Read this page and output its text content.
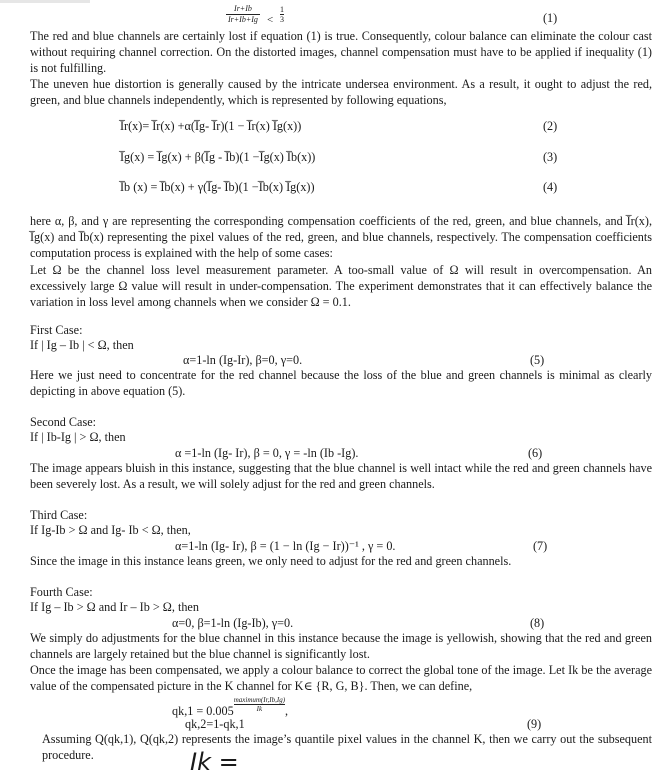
$\frac{Ir+Ib}{Ir+Ib+Ig} < \frac{1}{3}$	(1)
The red and blue channels are certainly lost if equation (1) is true. Consequently, colour balance can eliminate the colour cast without requiring channel correction. On the distorted images, channel compensation must have to be applied if inequality (1) is not fulfilling.
The uneven hue distortion is generally caused by the intricate undersea environment. As a result, it ought to adjust the red, green, and blue channels independently, which is represented by following equations,
I̅r(x)= I̅r(x) +α(I̅g- I̅r)(1 − I̅r(x) I̅g(x))	(2)
I̅g(x) = I̅g(x) + β(I̅g - I̅b)(1 −I̅g(x) I̅b(x))	(3)
I̅b (x) = I̅b(x) + γ(I̅g- I̅b)(1 −I̅b(x) I̅g(x))	(4)
here α, β, and γ are representing the corresponding compensation coefficients of the red, green, and blue channels, and I̅r(x), I̅g(x) and I̅b(x) representing the pixel values of the red, green, and blue channels, respectively. The compensation coefficients computation process is explained with the help of some cases:
Let Ω be the channel loss level measurement parameter. A too-small value of Ω will result in overcompensation. An excessively large Ω value will result in under-compensation. The experiment demonstrates that it can effectively balance the variation in loss level among channels when we consider Ω = 0.1.
First Case:
If | Ig – Ib | < Ω, then
α=1-ln (Ig-Ir), β=0, γ=0.	(5)
Here we just need to concentrate for the red channel because the loss of the blue and green channels is minimal as clearly depicting in above equation (5).
Second Case:
If | Ib-Ig | > Ω, then
α =1-ln (Ig- Ir), β = 0, γ = -ln (Ib -Ig).	(6)
The image appears bluish in this instance, suggesting that the blue channel is well intact while the red and green channels have been severely lost. As a result, we will solely adjust for the red and green channels.
Third Case:
If Ig-Ib > Ω and Ig- Ib < Ω, then,
α=1-ln (Ig- Ir), β = (1 − ln (Ig − Ir))⁻¹ , γ = 0.	(7)
Since the image in this instance leans green, we only need to adjust for the red and green channels.
Fourth Case:
If Ig – Ib > Ω and Ir – Ib > Ω, then
α=0, β=1-ln (Ig-Ib), γ=0.	(8)
We simply do adjustments for the blue channel in this instance because the image is yellowish, showing that the red and green channels are largely retained but the blue channel is significantly lost.
Once the image has been compensated, we apply a colour balance to correct the global tone of the image. Let Ik be the average value of the compensated picture in the K channel for K∈ {R, G, B}. Then, we can define,
$qk,1 = 0.005 \frac{\text{maximum(Ir,Ib,Ig)}}{Ik}$,
qk,2=1-qk,1	(9)
Assuming Q(qk,1), Q(qk,2) represents the image’s quantile pixel values in the channel K, then we carry out the subsequent procedure.	Ik =
